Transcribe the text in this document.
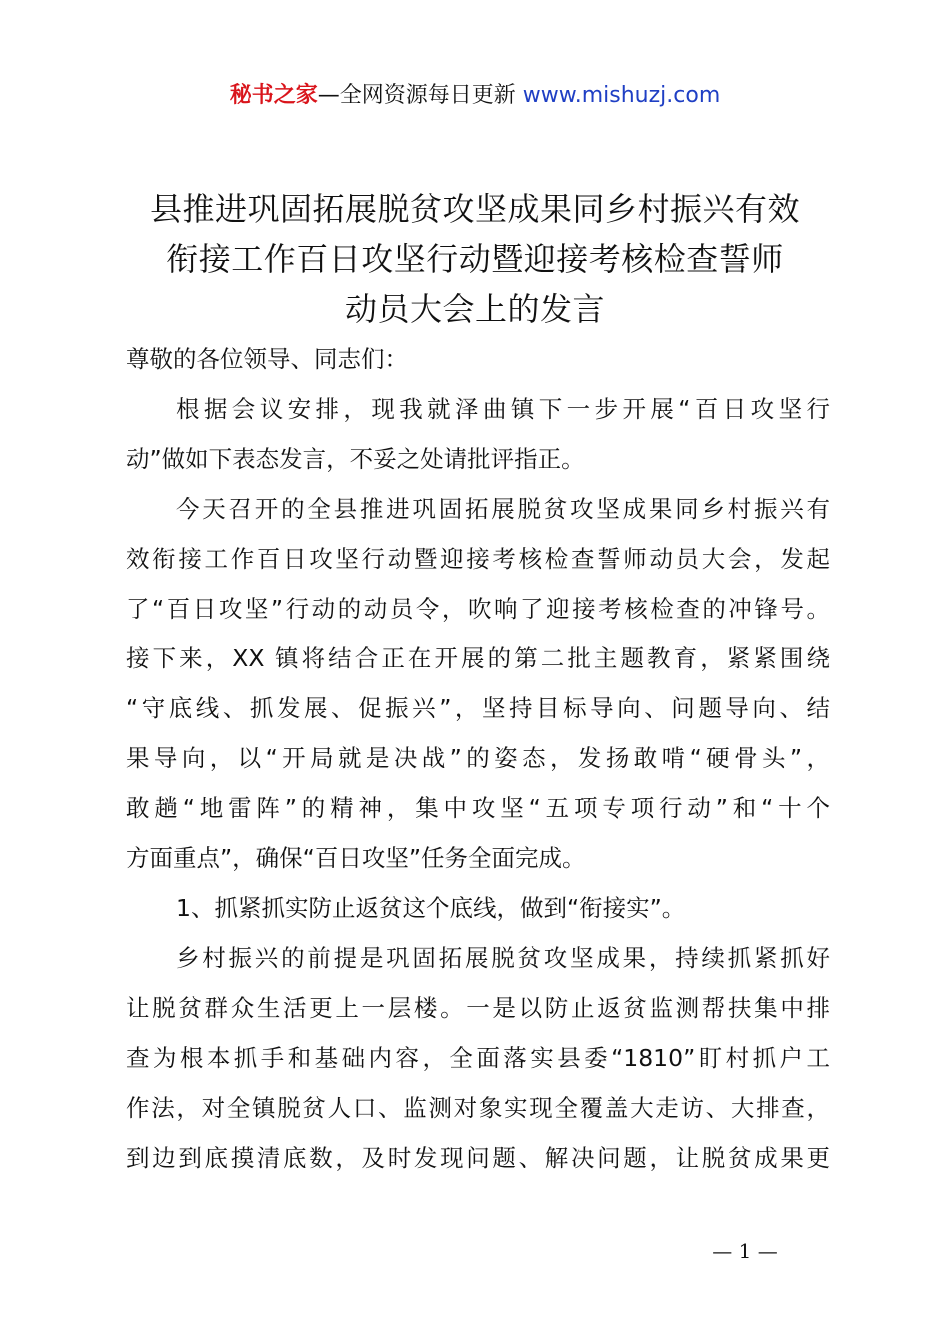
秘书之家—全网资源每日更新 www.mishuzj.com
县推进巩固拓展脱贫攻坚成果同乡村振兴有效
衔接工作百日攻坚行动暨迎接考核检查誓师
动员大会上的发言

尊敬的各位领导、同志们：

根据会议安排，现我就泽曲镇下一步开展“百日攻坚行
动”做如下表态发言，不妥之处请批评指正。

今天召开的全县推进巩固拓展脱贫攻坚成果同乡村振兴有
效衔接工作百日攻坚行动暨迎接考核检查誓师动员大会，发起
了“百日攻坚”行动的动员令，吹响了迎接考核检查的冲锋号。
接下来，XX 镇将结合正在开展的第二批主题教育，紧紧围绕
“守底线、抓发展、促振兴”，坚持目标导向、问题导向、结
果导向，以“开局就是决战”的姿态，发扬敢啃“硬骨头”，
敢趟“地雷阵”的精神，集中攻坚“五项专项行动”和“十个
方面重点”，确保“百日攻坚”任务全面完成。

1、抓紧抓实防止返贫这个底线，做到“衔接实”。

乡村振兴的前提是巩固拓展脱贫攻坚成果，持续抓紧抓好
让脱贫群众生活更上一层楼。一是以防止返贫监测帮扶集中排
查为根本抓手和基础内容，全面落实县委“1810”盯村抓户工
作法，对全镇脱贫人口、监测对象实现全覆盖大走访、大排查，
到边到底摸清底数，及时发现问题、解决问题，让脱贫成果更

— 1 —
